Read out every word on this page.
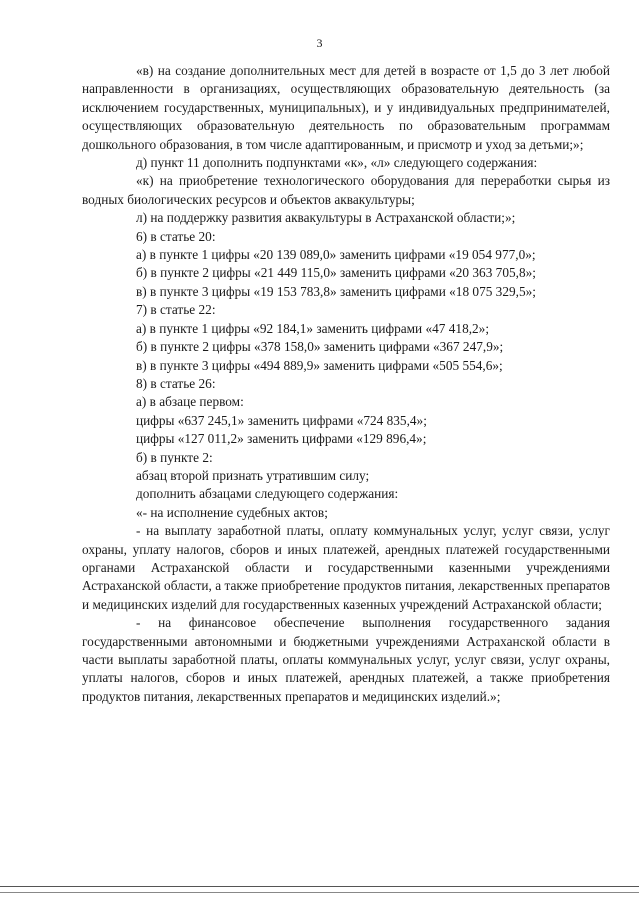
3

«в) на создание дополнительных мест для детей в возрасте от 1,5 до 3 лет любой направленности в организациях, осуществляющих образовательную деятельность (за исключением государственных, муниципальных), и у индивидуальных предпринимателей, осуществляющих образовательную деятельность по образовательным программам дошкольного образования, в том числе адаптированным, и присмотр и уход за детьми;»;

д) пункт 11 дополнить подпунктами «к», «л» следующего содержания:

«к) на приобретение технологического оборудования для переработки сырья из водных биологических ресурсов и объектов аквакультуры;

л) на поддержку развития аквакультуры в Астраханской области;»;

6) в статье 20:

а) в пункте 1 цифры «20 139 089,0» заменить цифрами «19 054 977,0»;

б) в пункте 2 цифры «21 449 115,0» заменить цифрами «20 363 705,8»;

в) в пункте 3 цифры «19 153 783,8» заменить цифрами «18 075 329,5»;

7) в статье 22:

а) в пункте 1 цифры «92 184,1» заменить цифрами «47 418,2»;

б) в пункте 2 цифры «378 158,0» заменить цифрами «367 247,9»;

в) в пункте 3 цифры «494 889,9» заменить цифрами «505 554,6»;

8) в статье 26:

а) в абзаце первом:

цифры «637 245,1» заменить цифрами «724 835,4»;

цифры «127 011,2» заменить цифрами «129 896,4»;

б) в пункте 2:

абзац второй признать утратившим силу;

дополнить абзацами следующего содержания:

«- на исполнение судебных актов;

- на выплату заработной платы, оплату коммунальных услуг, услуг связи, услуг охраны, уплату налогов, сборов и иных платежей, арендных платежей государственными органами Астраханской области и государственными казенными учреждениями Астраханской области, а также приобретение продуктов питания, лекарственных препаратов и медицинских изделий для государственных казенных учреждений Астраханской области;

- на финансовое обеспечение выполнения государственного задания государственными автономными и бюджетными учреждениями Астраханской области в части выплаты заработной платы, оплаты коммунальных услуг, услуг связи, услуг охраны, уплаты налогов, сборов и иных платежей, арендных платежей, а также приобретения продуктов питания, лекарственных препаратов и медицинских изделий.»;
